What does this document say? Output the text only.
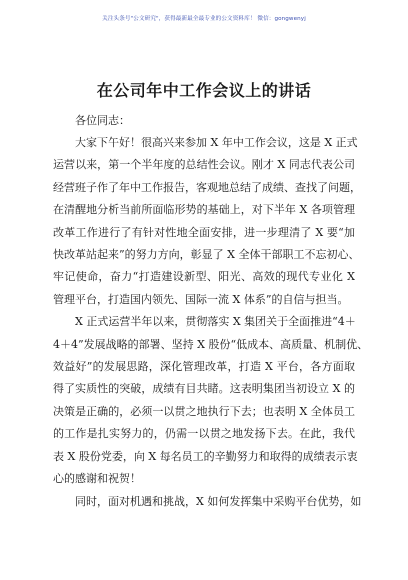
关注头条号"公文研究"，获得最新最全最专业的公文资料库！ 微信：gongwenyj
在公司年中工作会议上的讲话

各位同志：

大家下午好！很高兴来参加 X 年中工作会议，这是 X 正式
运营以来，第一个半年度的总结性会议。刚才 X 同志代表公司
经营班子作了年中工作报告，客观地总结了成绩、查找了问题，
在清醒地分析当前所面临形势的基础上，对下半年 X 各项管理
改革工作进行了有针对性地全面安排，进一步理清了 X 要“加
快改革站起来”的努力方向，彰显了 X 全体干部职工不忘初心、
牢记使命，奋力“打造建设新型、阳光、高效的现代专业化 X
管理平台，打造国内领先、国际一流 X 体系”的自信与担当。
X 正式运营半年以来，贯彻落实 X 集团关于全面推进“4＋
4＋4”发展战略的部署、坚持 X 股份“低成本、高质量、机制优、
效益好”的发展思路，深化管理改革，打造 X 平台，各方面取
得了实质性的突破，成绩有目共睹。这表明集团当初设立 X 的
决策是正确的，必须一以贯之地执行下去；也表明 X 全体员工
的工作是扎实努力的，仍需一以贯之地发扬下去。在此，我代
表 X 股份党委，向 X 每名员工的辛勤努力和取得的成绩表示衷
心的感谢和祝贺！
同时，面对机遇和挑战，X 如何发挥集中采购平台优势，如
